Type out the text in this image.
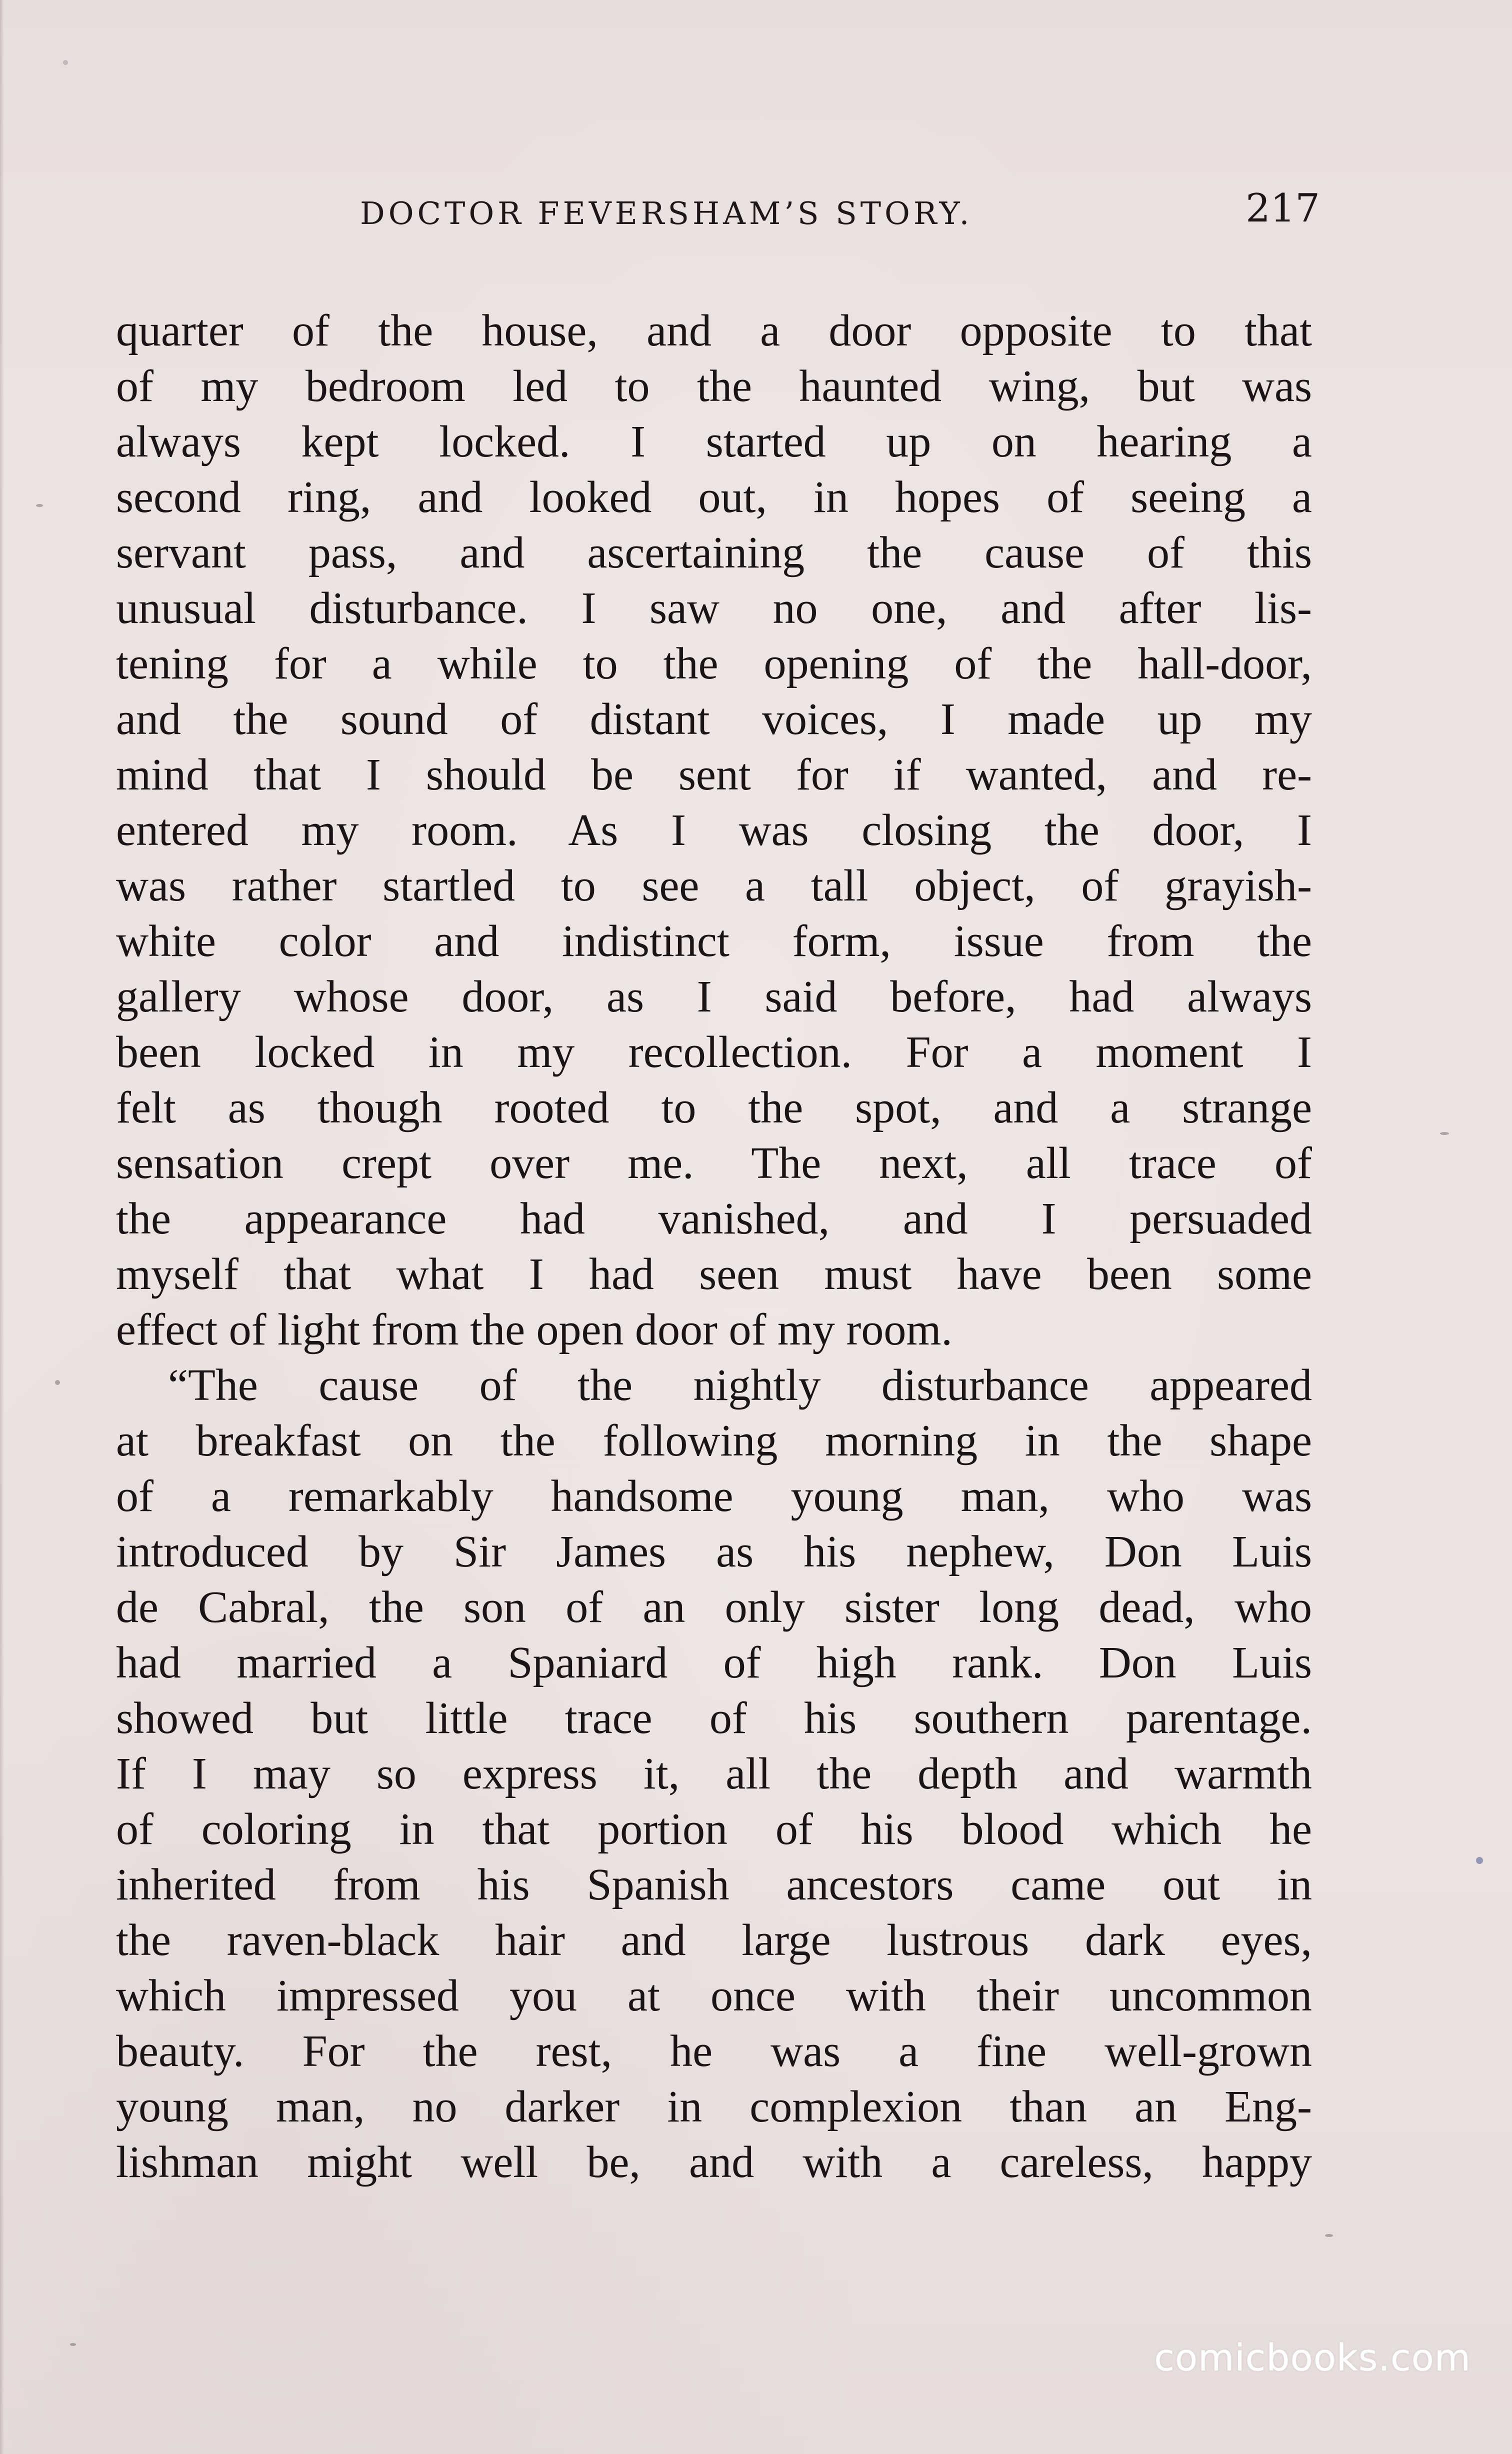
DOCTOR FEVERSHAM’S STORY.	217
quarter of the house, and a door opposite to that
of my bedroom led to the haunted wing, but was
always kept locked. I started up on hearing a
second ring, and looked out, in hopes of seeing a
servant pass, and ascertaining the cause of this
unusual disturbance. I saw no one, and after lis-
tening for a while to the opening of the hall-door,
and the sound of distant voices, I made up my
mind that I should be sent for if wanted, and re-
entered my room. As I was closing the door, I
was rather startled to see a tall object, of grayish-
white color and indistinct form, issue from the
gallery whose door, as I said before, had always
been locked in my recollection. For a moment I
felt as though rooted to the spot, and a strange
sensation crept over me. The next, all trace of
the appearance had vanished, and I persuaded
myself that what I had seen must have been some
effect of light from the open door of my room.
“The cause of the nightly disturbance appeared
at breakfast on the following morning in the shape
of a remarkably handsome young man, who was
introduced by Sir James as his nephew, Don Luis
de Cabral, the son of an only sister long dead, who
had married a Spaniard of high rank. Don Luis
showed but little trace of his southern parentage.
If I may so express it, all the depth and warmth
of coloring in that portion of his blood which he
inherited from his Spanish ancestors came out in
the raven-black hair and large lustrous dark eyes,
which impressed you at once with their uncommon
beauty. For the rest, he was a fine well-grown
young man, no darker in complexion than an Eng-
lishman might well be, and with a careless, happy
comicbooks.com
